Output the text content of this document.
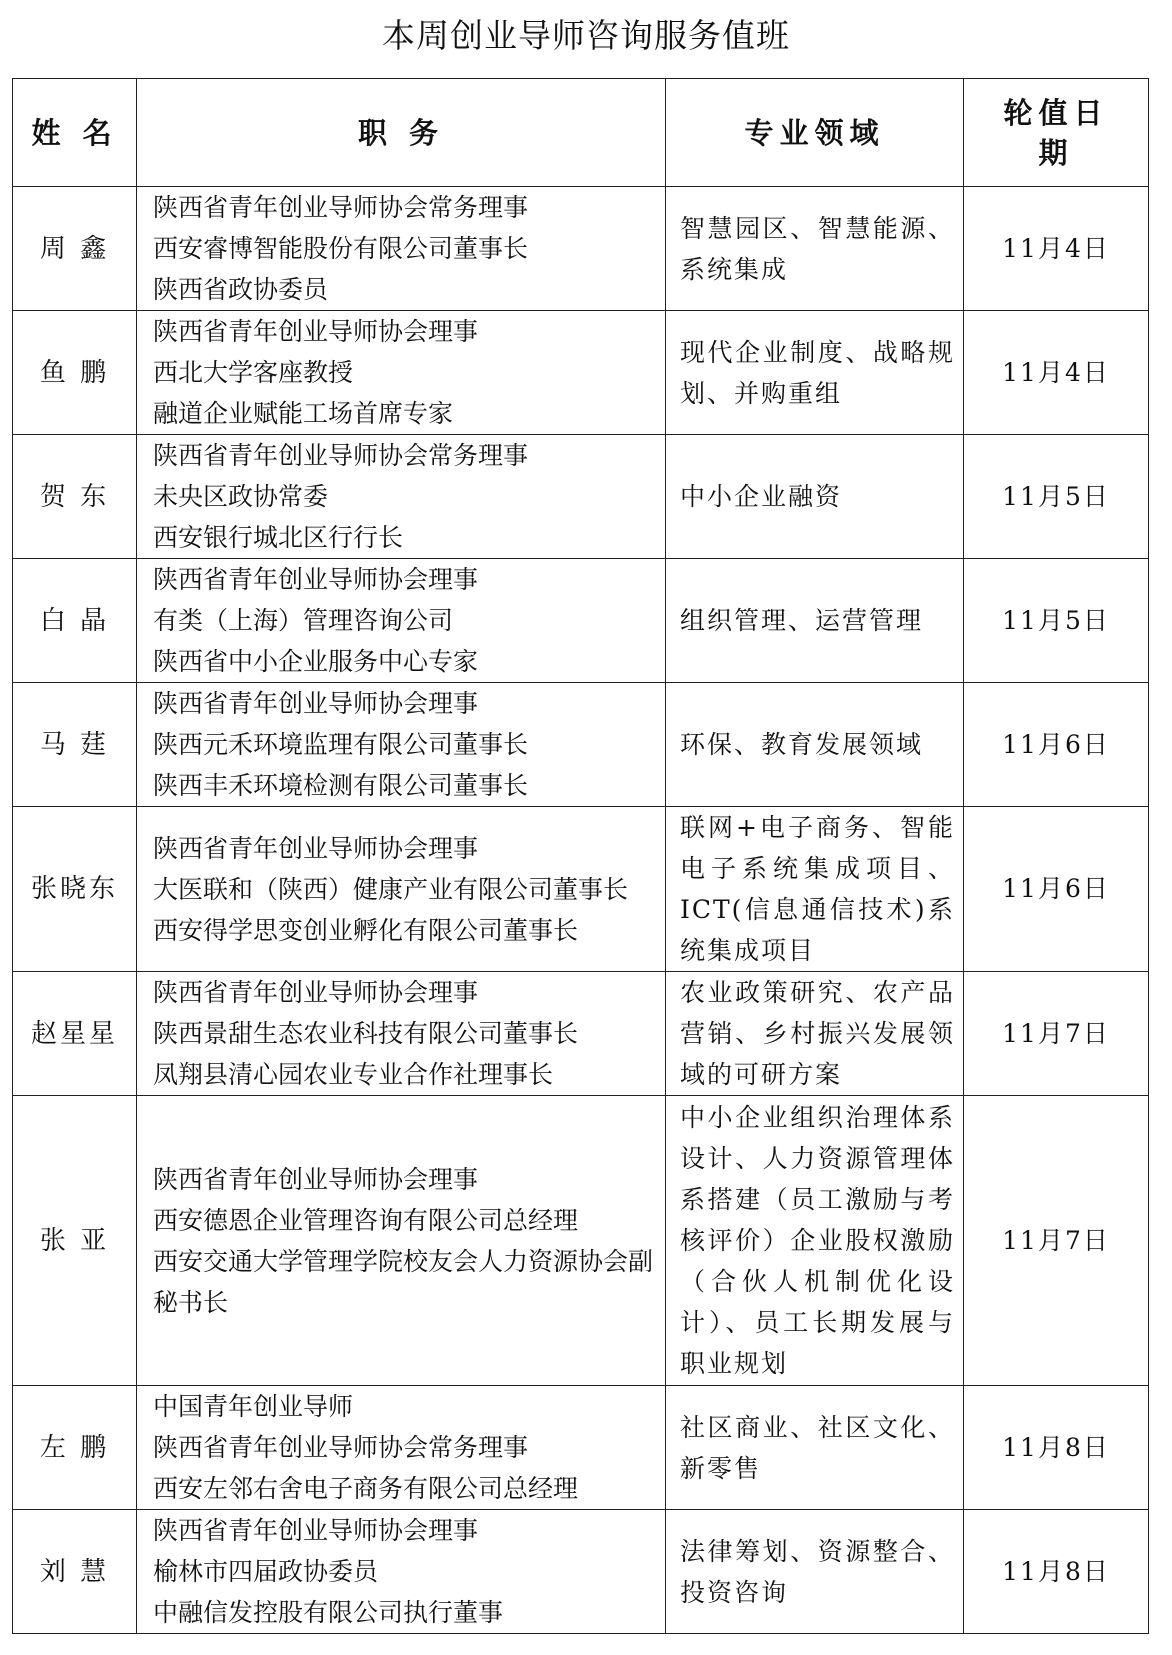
本周创业导师咨询服务值班
姓 名	职 务	专业领域	轮值日期
周 鑫	陕西省青年创业导师协会常务理事
西安睿博智能股份有限公司董事长
陕西省政协委员	智慧园区、智慧能源、系统集成	11月4日
鱼 鹏	陕西省青年创业导师协会理事
西北大学客座教授
融道企业赋能工场首席专家	现代企业制度、战略规划、并购重组	11月4日
贺 东	陕西省青年创业导师协会常务理事
未央区政协常委
西安银行城北区行行长	中小企业融资	11月5日
白 晶	陕西省青年创业导师协会理事
有类（上海）管理咨询公司
陕西省中小企业服务中心专家	组织管理、运营管理	11月5日
马 莛	陕西省青年创业导师协会理事
陕西元禾环境监理有限公司董事长
陕西丰禾环境检测有限公司董事长	环保、教育发展领域	11月6日
张晓东	陕西省青年创业导师协会理事
大医联和（陕西）健康产业有限公司董事长
西安得学思变创业孵化有限公司董事长	联网+电子商务、智能电子系统集成项目、ICT(信息通信技术)系统集成项目	11月6日
赵星星	陕西省青年创业导师协会理事
陕西景甜生态农业科技有限公司董事长
凤翔县清心园农业专业合作社理事长	农业政策研究、农产品营销、乡村振兴发展领域的可研方案	11月7日
张 亚	陕西省青年创业导师协会理事
西安德恩企业管理咨询有限公司总经理
西安交通大学管理学院校友会人力资源协会副秘书长	中小企业组织治理体系设计、人力资源管理体系搭建（员工激励与考核评价）企业股权激励（合伙人机制优化设计）、员工长期发展与职业规划	11月7日
左 鹏	中国青年创业导师
陕西省青年创业导师协会常务理事
西安左邻右舍电子商务有限公司总经理	社区商业、社区文化、新零售	11月8日
刘 慧	陕西省青年创业导师协会理事
榆林市四届政协委员
中融信发控股有限公司执行董事	法律筹划、资源整合、投资咨询	11月8日
